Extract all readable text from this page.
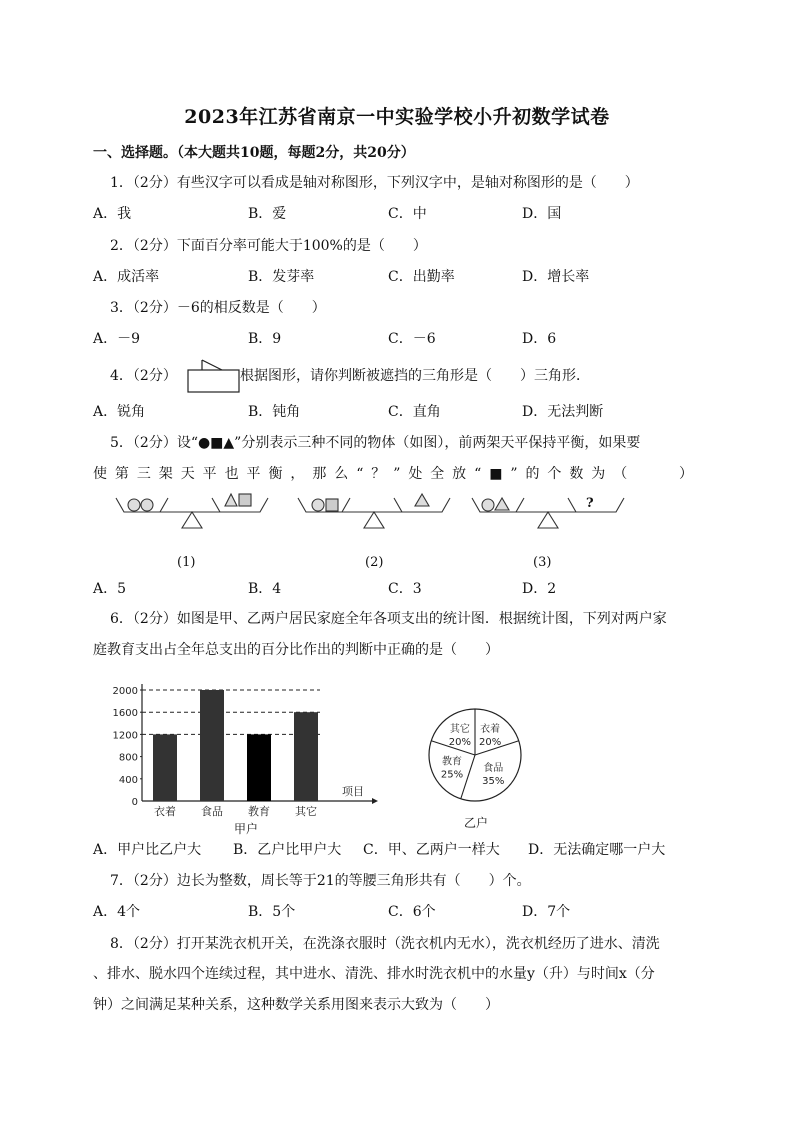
2023年江苏省南京一中实验学校小升初数学试卷
一、选择题。（本大题共10题，每题2分，共20分）
1．（2分）有些汉字可以看成是轴对称图形，下列汉字中，是轴对称图形的是（　　）
A．我	B．爱	C．中	D．国
2．（2分）下面百分率可能大于100%的是（　　）
A．成活率	B．发芽率	C．出勤率	D．增长率
3．（2分）－6的相反数是（　　）
A．－9	B．9	C．－6	D．6
4．（2分）	根据图形，请你判断被遮挡的三角形是（　　）三角形．
A．锐角	B．钝角	C．直角	D．无法判断
5．（2分）设“●■▲”分别表示三种不同的物体（如图），前两架天平保持平衡，如果要
使第三架天平也平衡，那么“？”处全放“■”的个数为（　　）
?
(1)	(2)	(3)
A．5	B．4	C．3	D．2
6．（2分）如图是甲、乙两户居民家庭全年各项支出的统计图．根据统计图，下列对两户家
庭教育支出占全年总支出的百分比作出的判断中正确的是（　　）
0
400
800
1200
1600
2000
衣着 食品 教育 其它
项目
甲户
其它
20%
衣着
20%
食品
35%
教育
25%
乙户
A．甲户比乙户大 B．乙户比甲户大 C．甲、乙两户一样大 D．无法确定哪一户大
7．（2分）边长为整数，周长等于21的等腰三角形共有（　　）个。
A．4个	B．5个	C．6个	D．7个
8．（2分）打开某洗衣机开关，在洗涤衣服时（洗衣机内无水），洗衣机经历了进水、清洗
、排水、脱水四个连续过程，其中进水、清洗、排水时洗衣机中的水量y（升）与时间x（分
钟）之间满足某种关系，这种数学关系用图来表示大致为（　　）
